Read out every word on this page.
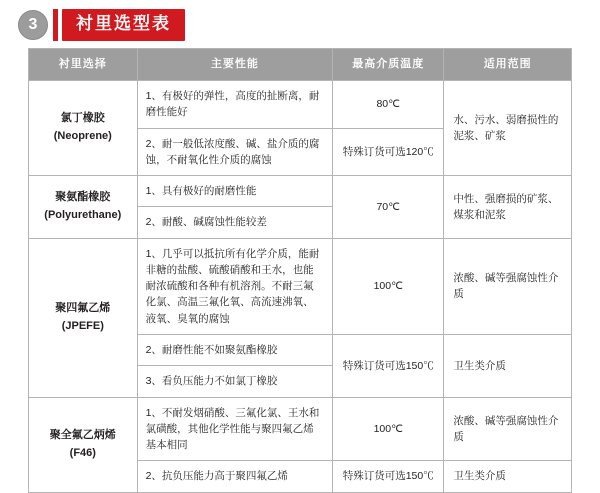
3	衬里选型表
衬里选择	主要性能	最高介质温度	适用范围

氯丁橡胶
(Neoprene)	1、有极好的弹性，高度的扯断离，耐磨性能好	80℃	水、污水、弱磨损性的泥浆、矿浆
	2、耐一般低浓度酸、碱、盐介质的腐蚀，不耐氧化性介质的腐蚀	特殊订货可选120℃	

聚氨酯橡胶
(Polyurethane)	1、具有极好的耐磨性能	70℃	中性、强磨损的矿浆、煤浆和泥浆
	2、耐酸、碱腐蚀性能较差		

聚四氟乙烯
(JPEFE)	1、几乎可以抵抗所有化学介质，能耐非糖的盐酸、硫酸硝酸和王水，也能耐浓硫酸和各种有机溶剂。不耐三氟化氯、高温三氟化氧、高流速沸氧、液氧、臭氧的腐蚀	100℃	浓酸、碱等强腐蚀性介质
	2、耐磨性能不如聚氨酯橡胶	特殊订货可选150℃	卫生类介质
	3、看负压能力不如氯丁橡胶		

聚全氟乙炳烯
(F46)	1、不耐发烟硝酸、三氟化氯、王水和氯磺酸，其他化学性能与聚四氟乙烯基本相同	100℃	浓酸、碱等强腐蚀性介质
	2、抗负压能力高于聚四氟乙烯	特殊订货可选150℃	卫生类介质
